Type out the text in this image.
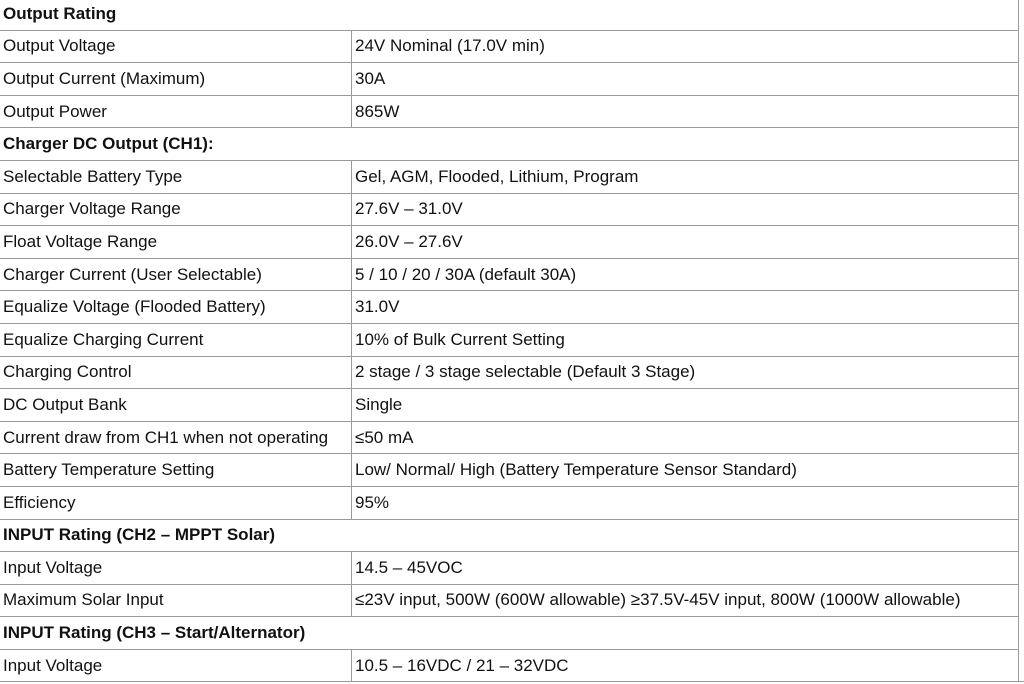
Output Rating	
Output Voltage	24V Nominal (17.0V min)
Output Current (Maximum)	30A
Output Power	865W
Charger DC Output (CH1):	
Selectable Battery Type	Gel, AGM, Flooded, Lithium, Program
Charger Voltage Range	27.6V – 31.0V
Float Voltage Range	26.0V – 27.6V
Charger Current (User Selectable)	5 / 10 / 20 / 30A (default 30A)
Equalize Voltage (Flooded Battery)	31.0V
Equalize Charging Current	10% of Bulk Current Setting
Charging Control	2 stage / 3 stage selectable (Default 3 Stage)
DC Output Bank	Single
Current draw from CH1 when not operating	≤50 mA
Battery Temperature Setting	Low/ Normal/ High (Battery Temperature Sensor Standard)
Efficiency	95%
INPUT Rating (CH2 – MPPT Solar)	
Input Voltage	14.5 – 45VOC
Maximum Solar Input	≤23V input, 500W (600W allowable) ≥37.5V-45V input, 800W (1000W allowable)
INPUT Rating (CH3 – Start/Alternator)	
Input Voltage	10.5 – 16VDC / 21 – 32VDC
